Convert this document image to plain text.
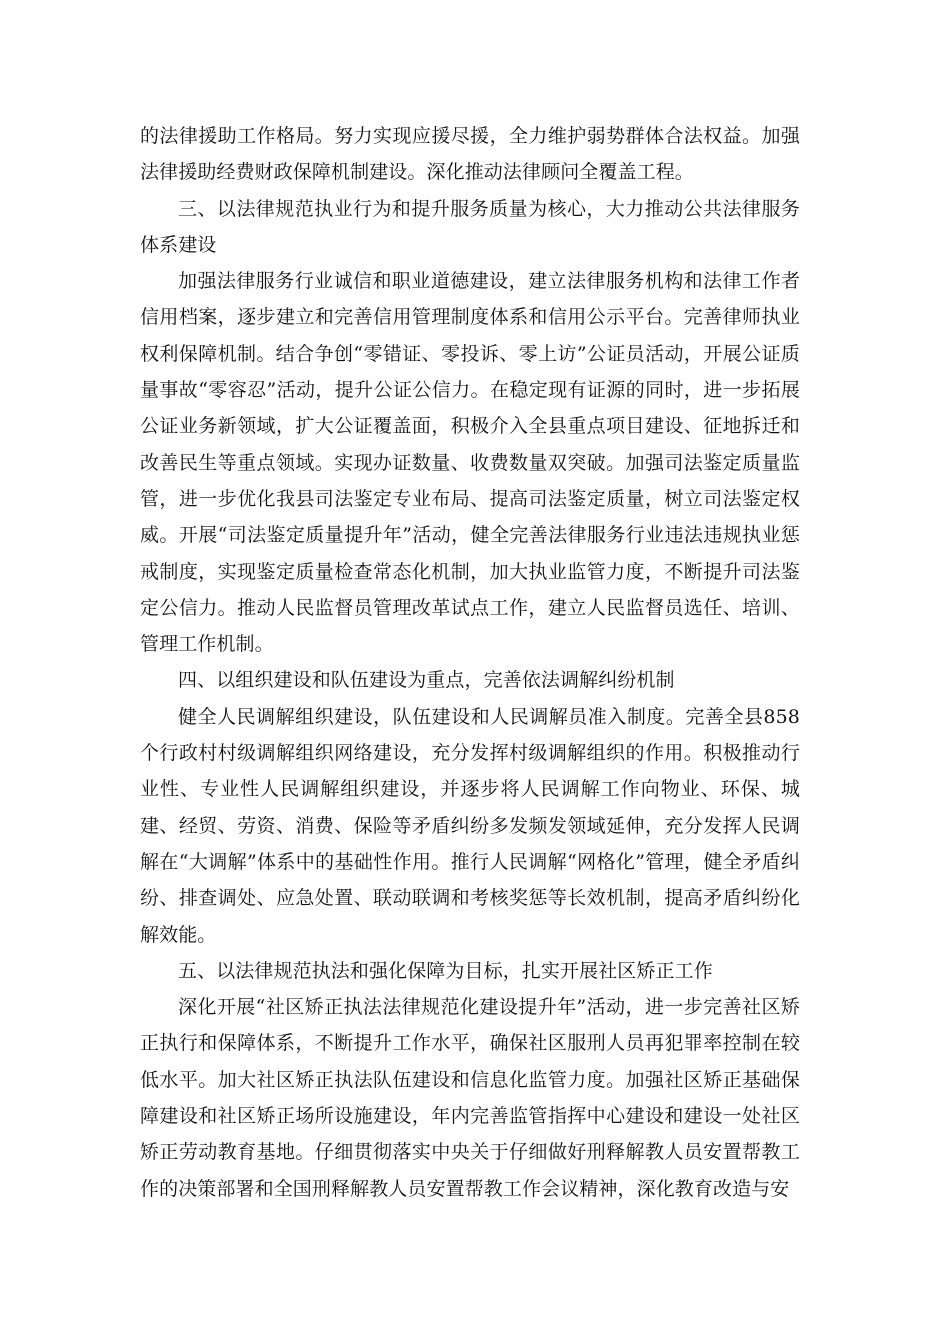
的法律援助工作格局。努力实现应援尽援，全力维护弱势群体合法权益。加强法律援助经费财政保障机制建设。深化推动法律顾问全覆盖工程。

三、以法律规范执业行为和提升服务质量为核心，大力推动公共法律服务体系建设

加强法律服务行业诚信和职业道德建设，建立法律服务机构和法律工作者信用档案，逐步建立和完善信用管理制度体系和信用公示平台。完善律师执业权利保障机制。结合争创“零错证、零投诉、零上访”公证员活动，开展公证质量事故“零容忍”活动，提升公证公信力。在稳定现有证源的同时，进一步拓展公证业务新领域，扩大公证覆盖面，积极介入全县重点项目建设、征地拆迁和改善民生等重点领域。实现办证数量、收费数量双突破。加强司法鉴定质量监管，进一步优化我县司法鉴定专业布局、提高司法鉴定质量，树立司法鉴定权威。开展“司法鉴定质量提升年”活动，健全完善法律服务行业违法违规执业惩戒制度，实现鉴定质量检查常态化机制，加大执业监管力度，不断提升司法鉴定公信力。推动人民监督员管理改革试点工作，建立人民监督员选任、培训、管理工作机制。

四、以组织建设和队伍建设为重点，完善依法调解纠纷机制

健全人民调解组织建设，队伍建设和人民调解员准入制度。完善全县858个行政村村级调解组织网络建设，充分发挥村级调解组织的作用。积极推动行业性、专业性人民调解组织建设，并逐步将人民调解工作向物业、环保、城建、经贸、劳资、消费、保险等矛盾纠纷多发频发领域延伸，充分发挥人民调解在“大调解”体系中的基础性作用。推行人民调解“网格化”管理，健全矛盾纠纷、排查调处、应急处置、联动联调和考核奖惩等长效机制，提高矛盾纠纷化解效能。

五、以法律规范执法和强化保障为目标，扎实开展社区矫正工作

深化开展“社区矫正执法法律规范化建设提升年”活动，进一步完善社区矫正执行和保障体系，不断提升工作水平，确保社区服刑人员再犯罪率控制在较低水平。加大社区矫正执法队伍建设和信息化监管力度。加强社区矫正基础保障建设和社区矫正场所设施建设，年内完善监管指挥中心建设和建设一处社区矫正劳动教育基地。仔细贯彻落实中央关于仔细做好刑释解教人员安置帮教工作的决策部署和全国刑释解教人员安置帮教工作会议精神，深化教育改造与安
